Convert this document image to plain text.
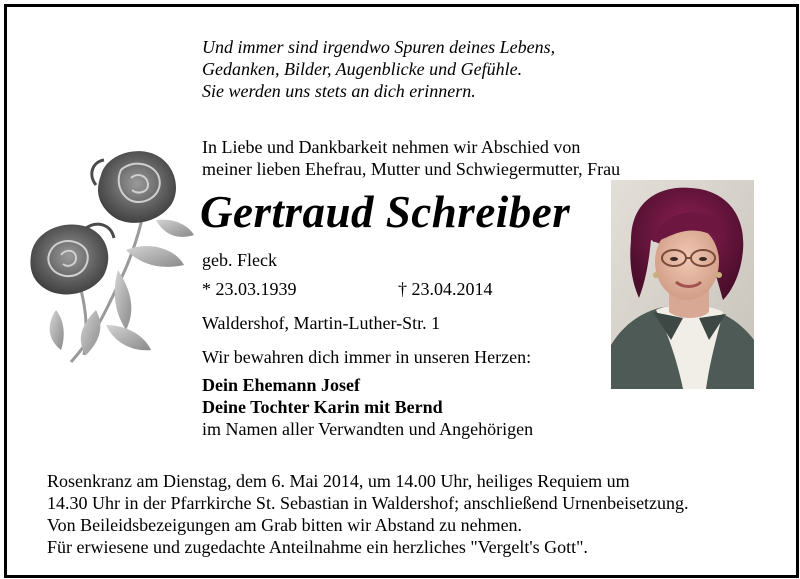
Und immer sind irgendwo Spuren deines Lebens,
Gedanken, Bilder, Augenblicke und Gefühle.
Sie werden uns stets an dich erinnern.
In Liebe und Dankbarkeit nehmen wir Abschied von
meiner lieben Ehefrau, Mutter und Schwiegermutter, Frau
Gertraud Schreiber
geb. Fleck
* 23.03.1939	† 23.04.2014
Waldershof, Martin-Luther-Str. 1
Wir bewahren dich immer in unseren Herzen:
Dein Ehemann Josef
Deine Tochter Karin mit Bernd
im Namen aller Verwandten und Angehörigen
Rosenkranz am Dienstag, dem 6. Mai 2014, um 14.00 Uhr, heiliges Requiem um
14.30 Uhr in der Pfarrkirche St. Sebastian in Waldershof; anschließend Urnenbeisetzung.
Von Beileidsbezeigungen am Grab bitten wir Abstand zu nehmen.
Für erwiesene und zugedachte Anteilnahme ein herzliches "Vergelt's Gott".
